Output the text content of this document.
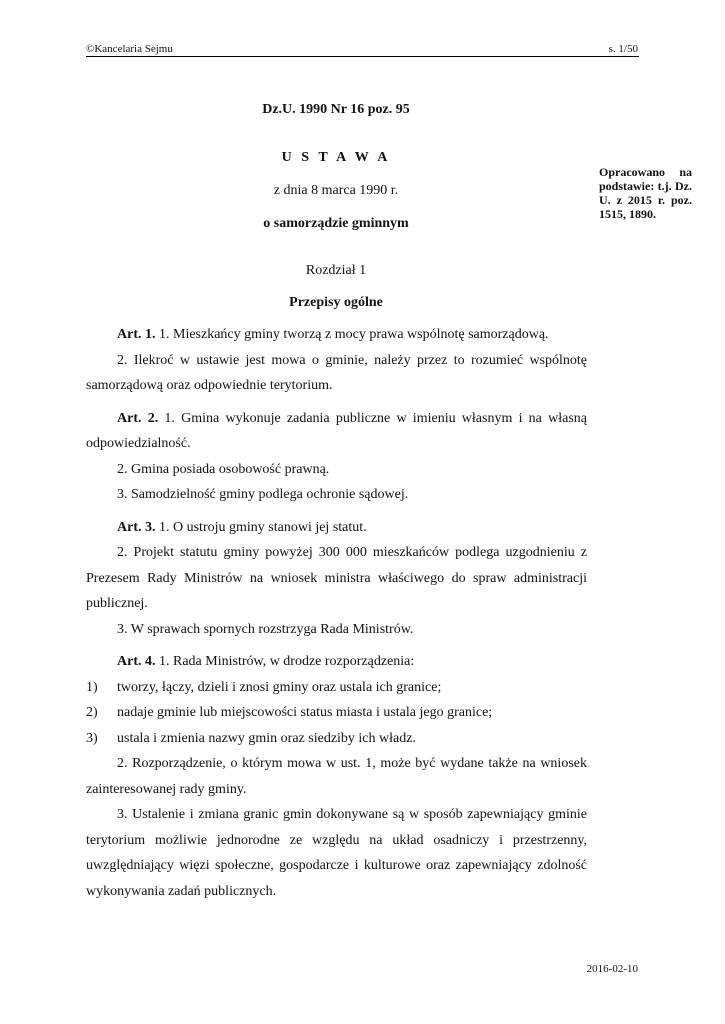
©Kancelaria Sejmu	s. 1/50
Dz.U. 1990 Nr 16 poz. 95
U S T A W A
z dnia 8 marca 1990 r.
o samorządzie gminnym
Rozdział 1
Przepisy ogólne
Opracowano na podstawie: t.j. Dz. U. z 2015 r. poz. 1515, 1890.

Art. 1. 1. Mieszkańcy gminy tworzą z mocy prawa wspólnotę samorządową.

2. Ilekroć w ustawie jest mowa o gminie, należy przez to rozumieć wspólnotę samorządową oraz odpowiednie terytorium.

Art. 2. 1. Gmina wykonuje zadania publiczne w imieniu własnym i na własną odpowiedzialność.

2. Gmina posiada osobowość prawną.

3. Samodzielność gminy podlega ochronie sądowej.

Art. 3. 1. O ustroju gminy stanowi jej statut.

2. Projekt statutu gminy powyżej 300 000 mieszkańców podlega uzgodnieniu z Prezesem Rady Ministrów na wniosek ministra właściwego do spraw administracji publicznej.

3. W sprawach spornych rozstrzyga Rada Ministrów.

Art. 4. 1. Rada Ministrów, w drodze rozporządzenia:

1)	tworzy, łączy, dzieli i znosi gminy oraz ustala ich granice;
2)	nadaje gminie lub miejscowości status miasta i ustala jego granice;
3)	ustala i zmienia nazwy gmin oraz siedziby ich władz.

2. Rozporządzenie, o którym mowa w ust. 1, może być wydane także na wniosek zainteresowanej rady gminy.

3. Ustalenie i zmiana granic gmin dokonywane są w sposób zapewniający gminie terytorium możliwie jednorodne ze względu na układ osadniczy i przestrzenny, uwzględniający więzi społeczne, gospodarcze i kulturowe oraz zapewniający zdolność wykonywania zadań publicznych.

2016-02-10
